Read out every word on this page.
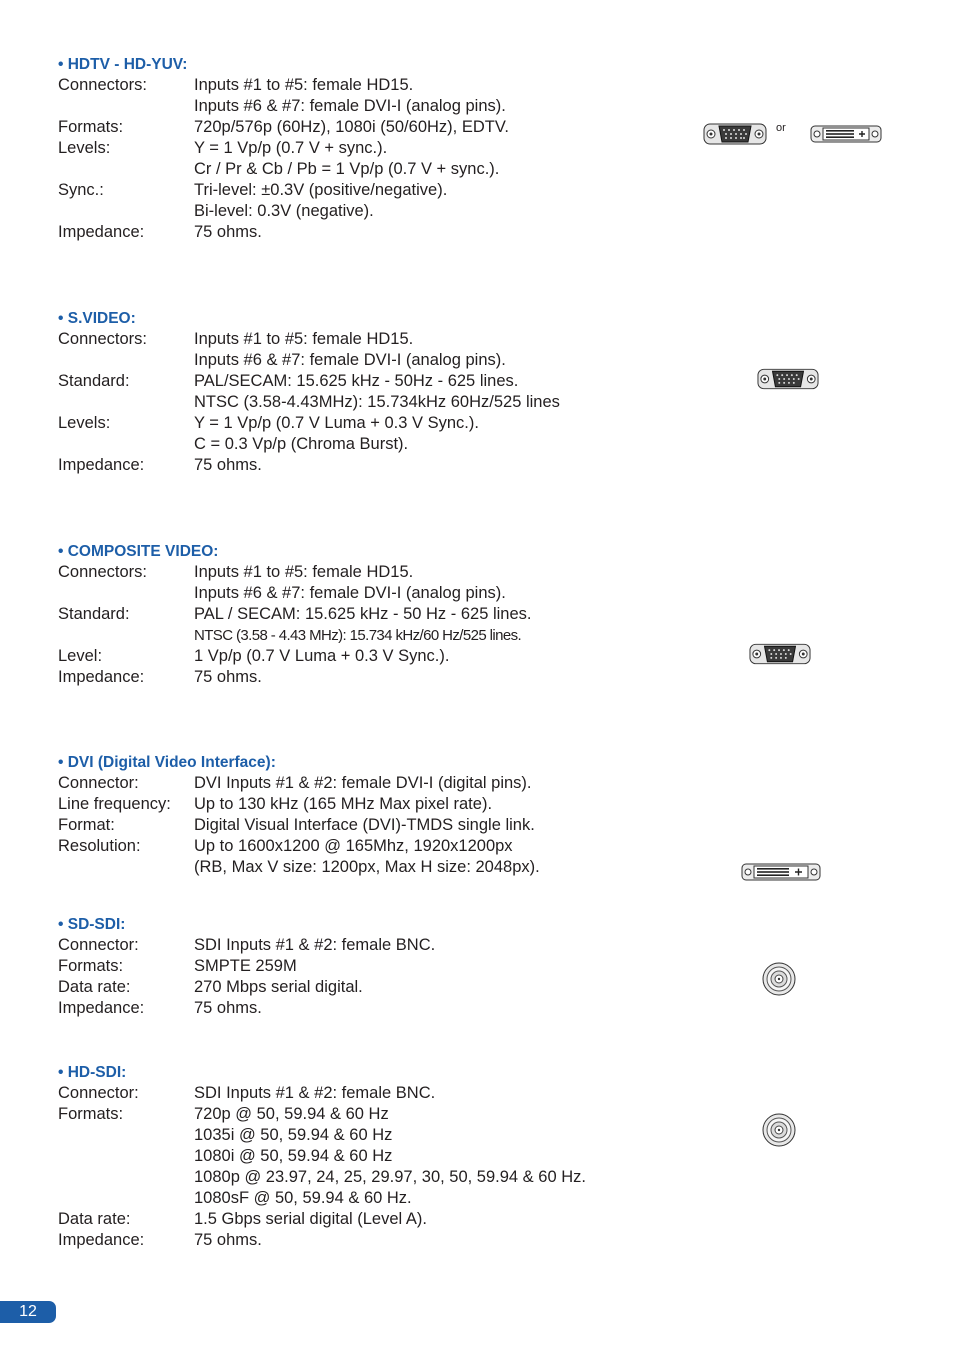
• HDTV - HD-YUV:
Connectors:	Inputs #1 to #5: female HD15.
Inputs #6 & #7: female DVI-I (analog pins).
Formats:	720p/576p (60Hz), 1080i (50/60Hz), EDTV.
Levels:	Y = 1 Vp/p (0.7 V + sync.).
Cr / Pr & Cb / Pb = 1 Vp/p (0.7 V + sync.).
Sync.:	Tri-level: ±0.3V (positive/negative).
Bi-level: 0.3V (negative).
Impedance:	75 ohms.
• S.VIDEO:
Connectors:	Inputs #1 to #5: female HD15.
Inputs #6 & #7: female DVI-I (analog pins).
Standard:	PAL/SECAM: 15.625 kHz - 50Hz - 625 lines.
NTSC (3.58-4.43MHz): 15.734kHz 60Hz/525 lines
Levels:	Y = 1 Vp/p (0.7 V Luma + 0.3 V Sync.).
C = 0.3 Vp/p (Chroma Burst).
Impedance:	75 ohms.
• COMPOSITE VIDEO:
Connectors:	Inputs #1 to #5: female HD15.
Inputs #6 & #7: female DVI-I (analog pins).
Standard:	PAL / SECAM: 15.625 kHz - 50 Hz - 625 lines.
NTSC (3.58 - 4.43 MHz): 15.734 kHz/60 Hz/525 lines.
Level:	1 Vp/p (0.7 V Luma + 0.3 V Sync.).
Impedance:	75 ohms.
• DVI (Digital Video Interface):
Connector:	DVI Inputs #1 & #2: female DVI-I (digital pins).
Line frequency:	Up to 130 kHz (165 MHz Max pixel rate).
Format:	Digital Visual Interface (DVI)-TMDS single link.
Resolution:	Up to 1600x1200 @ 165Mhz, 1920x1200px
(RB, Max V size: 1200px, Max H size: 2048px).
• SD-SDI:
Connector:	SDI Inputs #1 & #2: female BNC.
Formats:	SMPTE 259M
Data rate:	270 Mbps serial digital.
Impedance:	75 ohms.
• HD-SDI:
Connector:	SDI Inputs #1 & #2: female BNC.
Formats:	720p @ 50, 59.94 & 60 Hz
1035i @ 50, 59.94 & 60 Hz
1080i @ 50, 59.94 & 60 Hz
1080p @ 23.97, 24, 25, 29.97, 30, 50, 59.94 & 60 Hz.
1080sF @ 50, 59.94 & 60 Hz.
Data rate:	1.5 Gbps serial digital (Level A).
Impedance:	75 ohms.
or
12
